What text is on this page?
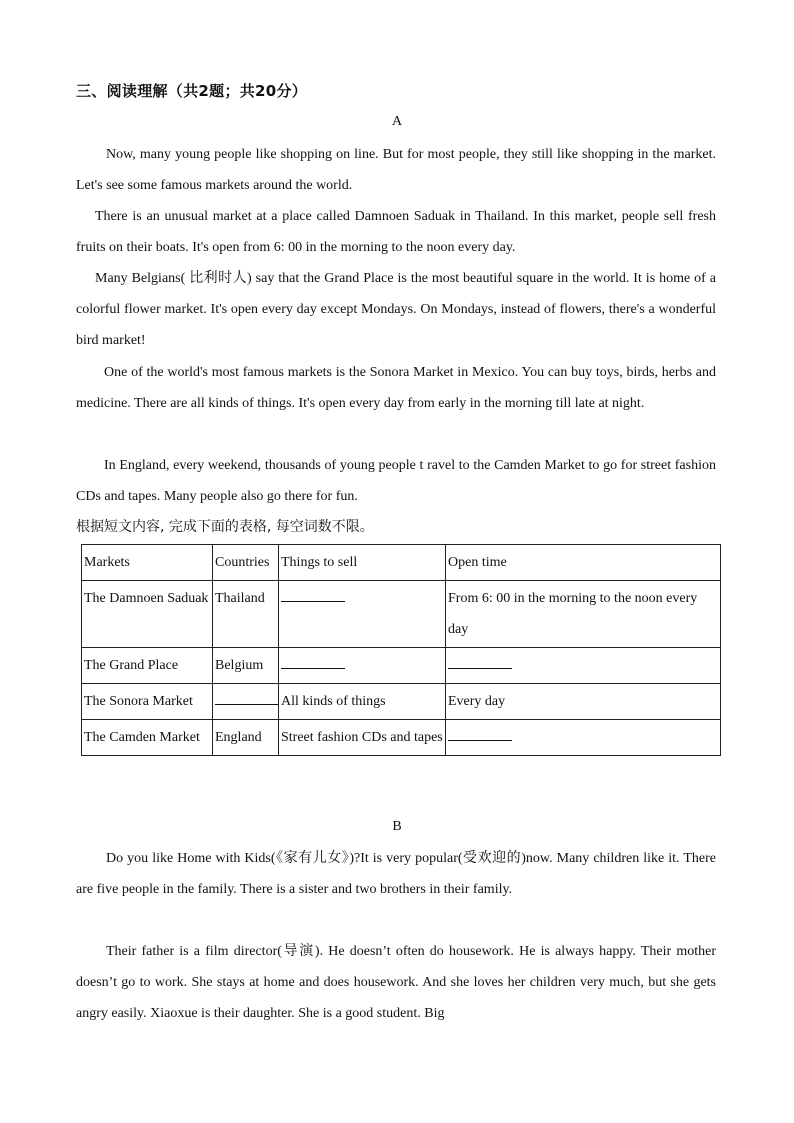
三、阅读理解（共2题；共20分）
A

Now, many young people like shopping on line. But for most people, they still like shopping in the market. Let's see some famous markets around the world.

There is an unusual market at a place called Damnoen Saduak in Thailand. In this market, people sell fresh fruits on their boats. It's open from 6: 00 in the morning to the noon every day.

Many Belgians( 比利时人) say that the Grand Place is the most beautiful square in the world. It is home of a colorful flower market. It's open every day except Mondays. On Mondays, instead of flowers, there's a wonderful bird market!

One of the world's most famous markets is the Sonora Market in Mexico. You can buy toys, birds, herbs and medicine. There are all kinds of things. It's open every day from early in the morning till late at night.

In England, every weekend, thousands of young people t ravel to the Camden Market to go for street fashion CDs and tapes. Many people also go there for fun.

根据短文内容, 完成下面的表格, 每空词数不限。
Markets	Countries	Things to sell	Open time
The Damnoen Saduak	Thailand		From 6: 00 in the morning to the noon every day
The Grand Place	Belgium		
The Sonora Market		All kinds of things	Every day
The Camden Market	England	Street fashion CDs and tapes	
B

Do you like Home with Kids(《家有儿女》)?It is very popular(受欢迎的)now. Many children like it. There are five people in the family. There is a sister and two brothers in their family.

Their father is a film director(导演). He doesn’t often do housework. He is always happy. Their mother doesn’t go to work. She stays at home and does housework. And she loves her children very much, but she gets angry easily. Xiaoxue is their daughter. She is a good student. Big
